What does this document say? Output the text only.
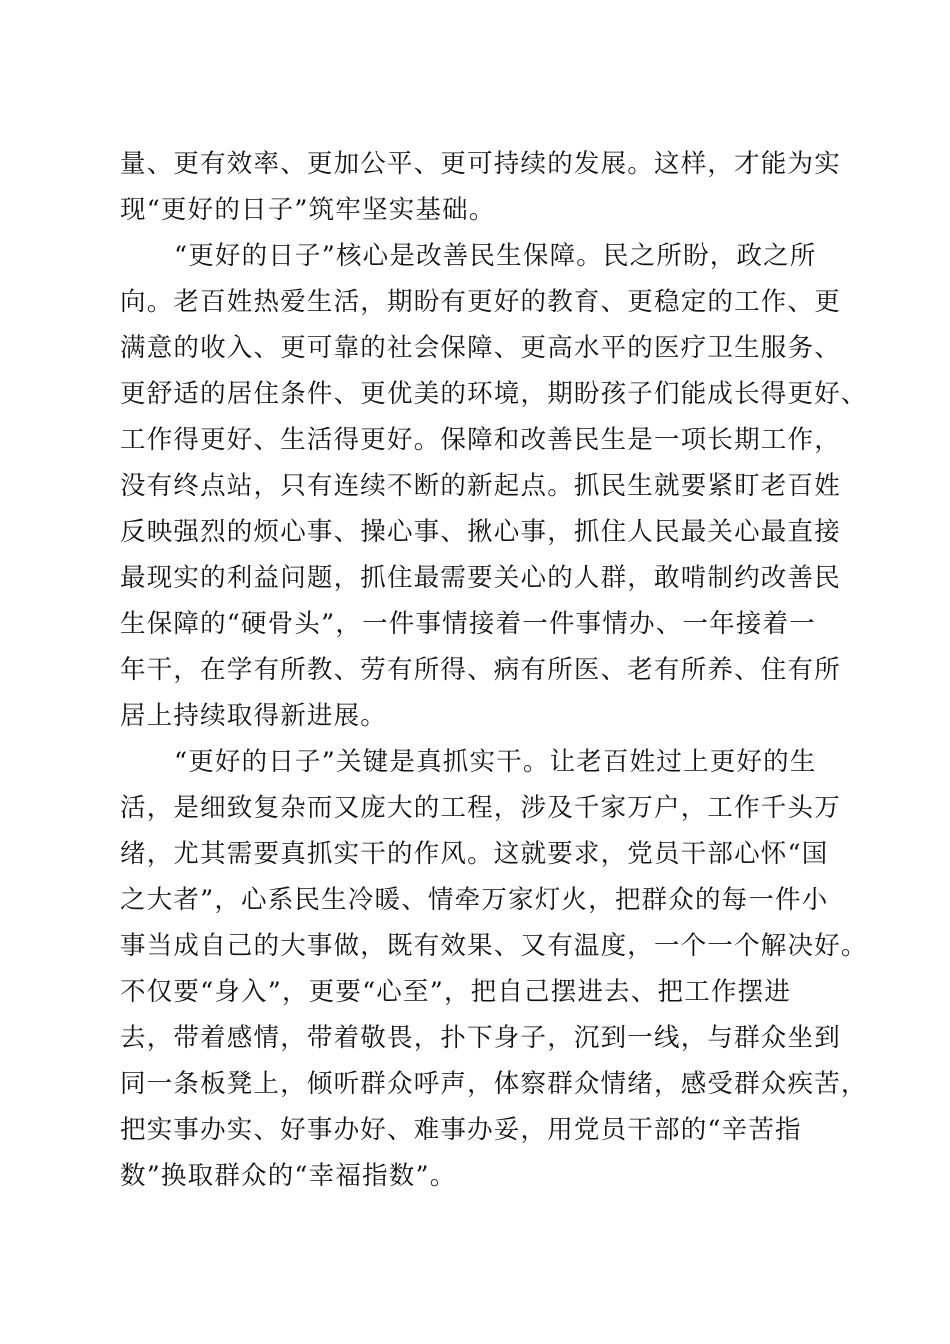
量、更有效率、更加公平、更可持续的发展。这样，才能为实
现“更好的日子”筑牢坚实基础。
“更好的日子”核心是改善民生保障。民之所盼，政之所
向。老百姓热爱生活，期盼有更好的教育、更稳定的工作、更
满意的收入、更可靠的社会保障、更高水平的医疗卫生服务、
更舒适的居住条件、更优美的环境，期盼孩子们能成长得更好、
工作得更好、生活得更好。保障和改善民生是一项长期工作，
没有终点站，只有连续不断的新起点。抓民生就要紧盯老百姓
反映强烈的烦心事、操心事、揪心事，抓住人民最关心最直接
最现实的利益问题，抓住最需要关心的人群，敢啃制约改善民
生保障的“硬骨头”，一件事情接着一件事情办、一年接着一
年干，在学有所教、劳有所得、病有所医、老有所养、住有所
居上持续取得新进展。
“更好的日子”关键是真抓实干。让老百姓过上更好的生
活，是细致复杂而又庞大的工程，涉及千家万户，工作千头万
绪，尤其需要真抓实干的作风。这就要求，党员干部心怀“国
之大者”，心系民生冷暖、情牵万家灯火，把群众的每一件小
事当成自己的大事做，既有效果、又有温度，一个一个解决好。
不仅要“身入”，更要“心至”，把自己摆进去、把工作摆进
去，带着感情，带着敬畏，扑下身子，沉到一线，与群众坐到
同一条板凳上，倾听群众呼声，体察群众情绪，感受群众疾苦，
把实事办实、好事办好、难事办妥，用党员干部的“辛苦指
数”换取群众的“幸福指数”。
